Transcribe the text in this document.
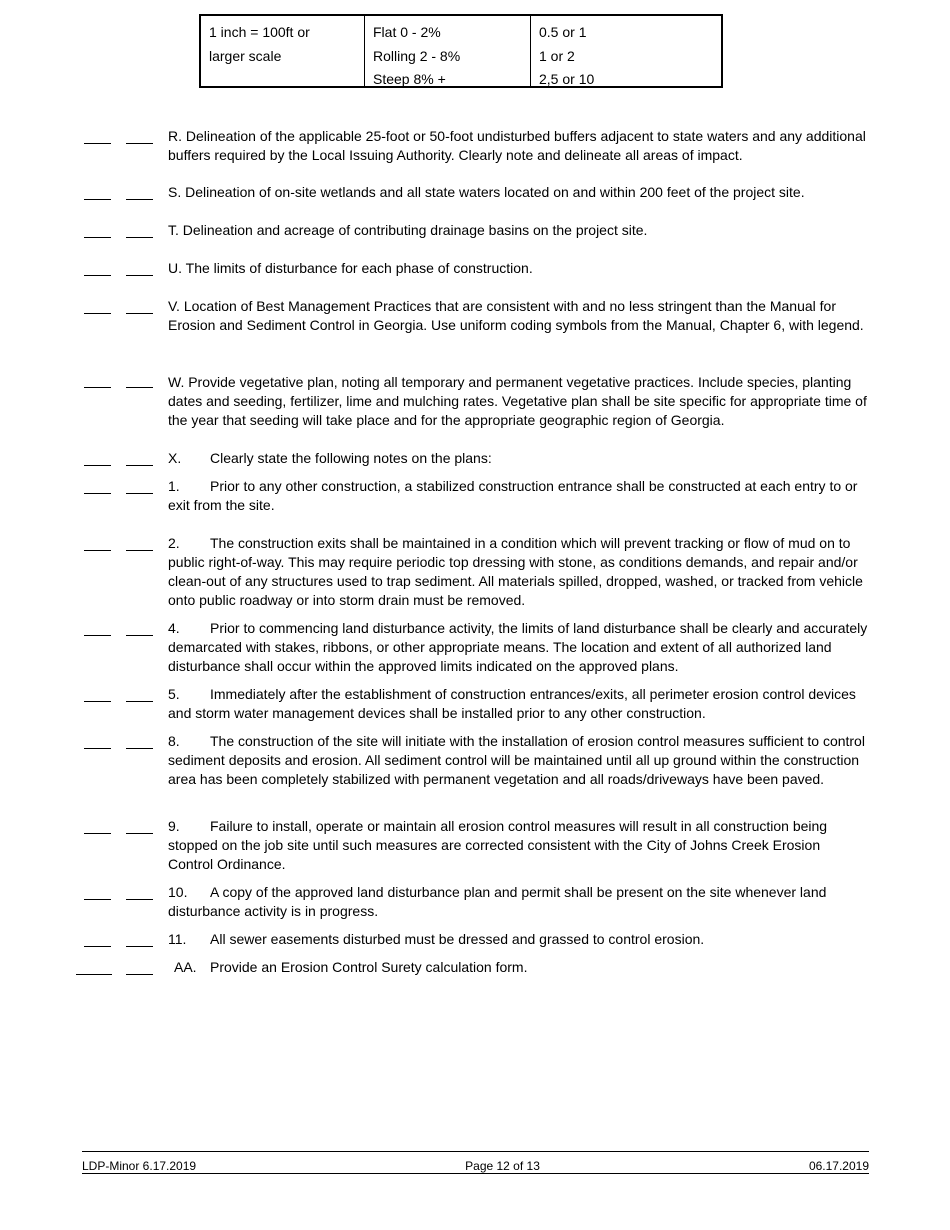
1 inch = 100ft or
larger scale
Flat 0 - 2%
Rolling 2 - 8%
Steep 8% +
0.5 or 1
1 or 2
2,5 or 10
R. Delineation of the applicable 25-foot or 50-foot undisturbed buffers adjacent to state waters and any additional buffers required by the Local Issuing Authority. Clearly note and delineate all areas of impact.
S. Delineation of on-site wetlands and all state waters located on and within 200 feet of the project site.
T. Delineation and acreage of contributing drainage basins on the project site.
U. The limits of disturbance for each phase of construction.
V. Location of Best Management Practices that are consistent with and no less stringent than the Manual for Erosion and Sediment Control in Georgia. Use uniform coding symbols from the Manual, Chapter 6, with legend.
W. Provide vegetative plan, noting all temporary and permanent vegetative practices. Include species, planting dates and seeding, fertilizer, lime and mulching rates. Vegetative plan shall be site specific for appropriate time of the year that seeding will take place and for the appropriate geographic region of Georgia.
X. Clearly state the following notes on the plans:
1. Prior to any other construction, a stabilized construction entrance shall be constructed at each entry to or exit from the site.
2. The construction exits shall be maintained in a condition which will prevent tracking or flow of mud on to public right-of-way. This may require periodic top dressing with stone, as conditions demands, and repair and/or clean-out of any structures used to trap sediment. All materials spilled, dropped, washed, or tracked from vehicle onto public roadway or into storm drain must be removed.
4. Prior to commencing land disturbance activity, the limits of land disturbance shall be clearly and accurately demarcated with stakes, ribbons, or other appropriate means. The location and extent of all authorized land disturbance shall occur within the approved limits indicated on the approved plans.
5. Immediately after the establishment of construction entrances/exits, all perimeter erosion control devices and storm water management devices shall be installed prior to any other construction.
8. The construction of the site will initiate with the installation of erosion control measures sufficient to control sediment deposits and erosion. All sediment control will be maintained until all up ground within the construction area has been completely stabilized with permanent vegetation and all roads/driveways have been paved.
9. Failure to install, operate or maintain all erosion control measures will result in all construction being stopped on the job site until such measures are corrected consistent with the City of Johns Creek Erosion Control Ordinance.
10. A copy of the approved land disturbance plan and permit shall be present on the site whenever land disturbance activity is in progress.
11. All sewer easements disturbed must be dressed and grassed to control erosion.
AA. Provide an Erosion Control Surety calculation form.
LDP-Minor 6.17.2019	Page 12 of 13	06.17.2019
